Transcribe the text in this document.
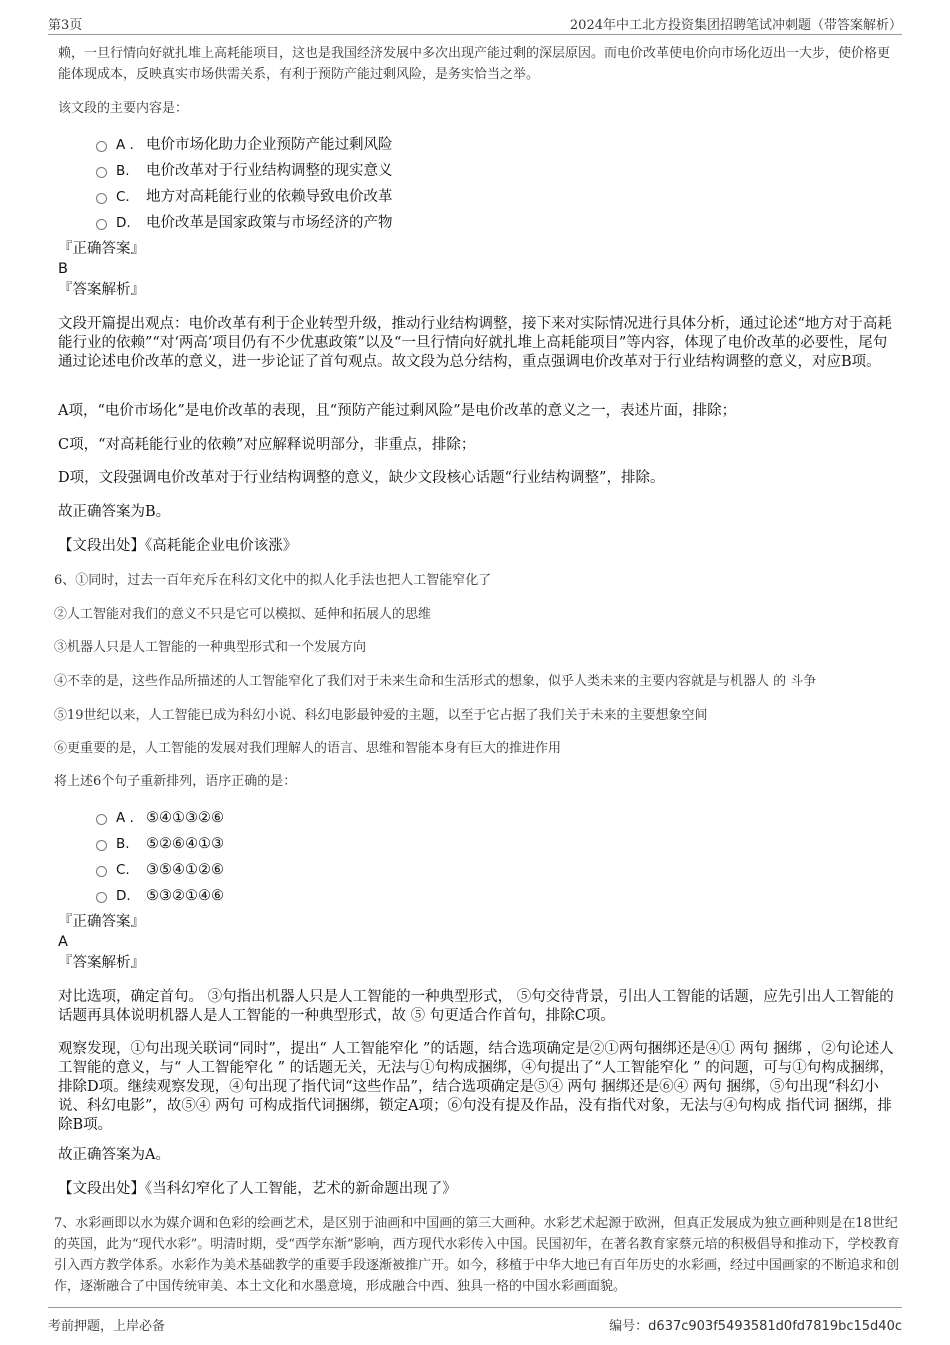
第3页	2024年中工北方投资集团招聘笔试冲刺题（带答案解析）

赖，一旦行情向好就扎堆上高耗能项目，这也是我国经济发展中多次出现产能过剩的深层原因。而电价改革使电价向市场化迈出一大步，使价格更能体现成本，反映真实市场供需关系，有利于预防产能过剩风险，是务实恰当之举。

该文段的主要内容是：

A . 电价市场化助力企业预防产能过剩风险
B. 电价改革对于行业结构调整的现实意义
C. 地方对高耗能行业的依赖导致电价改革
D. 电价改革是国家政策与市场经济的产物

『正确答案』

B

『答案解析』

文段开篇提出观点：电价改革有利于企业转型升级，推动行业结构调整，接下来对实际情况进行具体分析，通过论述“地方对于高耗能行业的依赖”“对‘两高’项目仍有不少优惠政策”以及“一旦行情向好就扎堆上高耗能项目”等内容，体现了电价改革的必要性，尾句通过论述电价改革的意义，进一步论证了首句观点。故文段为总分结构，重点强调电价改革对于行业结构调整的意义，对应B项。

A项，“电价市场化”是电价改革的表现，且“预防产能过剩风险”是电价改革的意义之一，表述片面，排除；

C项，“对高耗能行业的依赖”对应解释说明部分，非重点，排除；

D项，文段强调电价改革对于行业结构调整的意义，缺少文段核心话题“行业结构调整”，排除。

故正确答案为B。

【文段出处】《高耗能企业电价该涨》

6、①同时，过去一百年充斥在科幻文化中的拟人化手法也把人工智能窄化了

②人工智能对我们的意义不只是它可以模拟、延伸和拓展人的思维

③机器人只是人工智能的一种典型形式和一个发展方向

④不幸的是，这些作品所描述的人工智能窄化了我们对于未来生命和生活形式的想象，似乎人类未来的主要内容就是与机器人 的 斗争

⑤19世纪以来，人工智能已成为科幻小说、科幻电影最钟爱的主题，以至于它占据了我们关于未来的主要想象空间

⑥更重要的是，人工智能的发展对我们理解人的语言、思维和智能本身有巨大的推进作用

将上述6个句子重新排列，语序正确的是：

A . ⑤④①③②⑥
B. ⑤②⑥④①③
C. ③⑤④①②⑥
D. ⑤③②①④⑥

『正确答案』

A

『答案解析』

对比选项，确定首句。 ③句指出机器人只是人工智能的一种典型形式， ⑤句交待背景，引出人工智能的话题，应先引出人工智能的话题再具体说明机器人是人工智能的一种典型形式，故 ⑤ 句更适合作首句，排除C项。

观察发现，①句出现关联词“同时”，提出“ 人工智能窄化 ”的话题，结合选项确定是②①两句捆绑还是④① 两句 捆绑 ，②句论述人工智能的意义，与“ 人工智能窄化 ” 的话题无关，无法与①句构成捆绑，④句提出了“人工智能窄化 ” 的问题，可与①句构成捆绑，排除D项。继续观察发现，④句出现了指代词“这些作品”，结合选项确定是⑤④ 两句 捆绑还是⑥④ 两句 捆绑，⑤句出现“科幻小说、科幻电影”，故⑤④ 两句 可构成指代词捆绑，锁定A项；⑥句没有提及作品，没有指代对象，无法与④句构成 指代词 捆绑，排除B项。

故正确答案为A。

【文段出处】《当科幻窄化了人工智能，艺术的新命题出现了》

7、水彩画即以水为媒介调和色彩的绘画艺术，是区别于油画和中国画的第三大画种。水彩艺术起源于欧洲，但真正发展成为独立画种则是在18世纪的英国，此为“现代水彩”。明清时期，受“西学东渐”影响，西方现代水彩传入中国。民国初年，在著名教育家蔡元培的积极倡导和推动下，学校教育引入西方教学体系。水彩作为美术基础教学的重要手段逐渐被推广开。如今，移植于中华大地已有百年历史的水彩画，经过中国画家的不断追求和创作，逐渐融合了中国传统审美、本土文化和水墨意境，形成融合中西、独具一格的中国水彩画面貌。

考前押题，上岸必备	编号：d637c903f5493581d0fd7819bc15d40c
